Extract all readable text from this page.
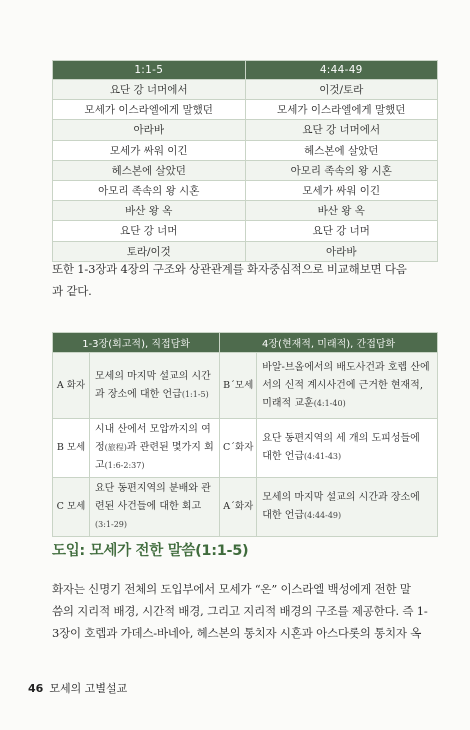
1:1-5	4:44-49
요단 강 너머에서	이것/토라
모세가 이스라엘에게 말했던	모세가 이스라엘에게 말했던
아라바	요단 강 너머에서
모세가 싸워 이긴	헤스본에 살았던
헤스본에 살았던	아모리 족속의 왕 시혼
아모리 족속의 왕 시혼	모세가 싸워 이긴
바산 왕 옥	바산 왕 옥
요단 강 너머	요단 강 너머
토라/이것	아라바

또한 1-3장과 4장의 구조와 상관관계를 화자중심적으로 비교해보면 다음
과 같다.

1-3장(회고적), 직접담화		4장(현재적, 미래적), 간접담화	
A 화자	모세의 마지막 설교의 시간과 장소에 대한 언급(1:1-5)	B´모세	바알-브올에서의 배도사건과 호렙 산에서의 신적 계시사건에 근거한 현재적, 미래적 교훈(4:1-40)
B 모세	시내 산에서 모압까지의 여정(旅程)과 관련된 몇가지 회고(1:6-2:37)	C´화자	요단 동편지역의 세 개의 도피성들에 대한 언급(4:41-43)
C 모세	요단 동편지역의 분배와 관련된 사건들에 대한 회고(3:1-29)	A´화자	모세의 마지막 설교의 시간과 장소에 대한 언급(4:44-49)
도입: 모세가 전한 말씀(1:1-5)

화자는 신명기 전체의 도입부에서 모세가 “온” 이스라엘 백성에게 전한 말
씀의 지리적 배경, 시간적 배경, 그리고 지리적 배경의 구조를 제공한다. 즉 1-
3장이 호렙과 가데스-바네아, 헤스본의 통치자 시혼과 아스다롯의 통치자 옥

46 모세의 고별설교
